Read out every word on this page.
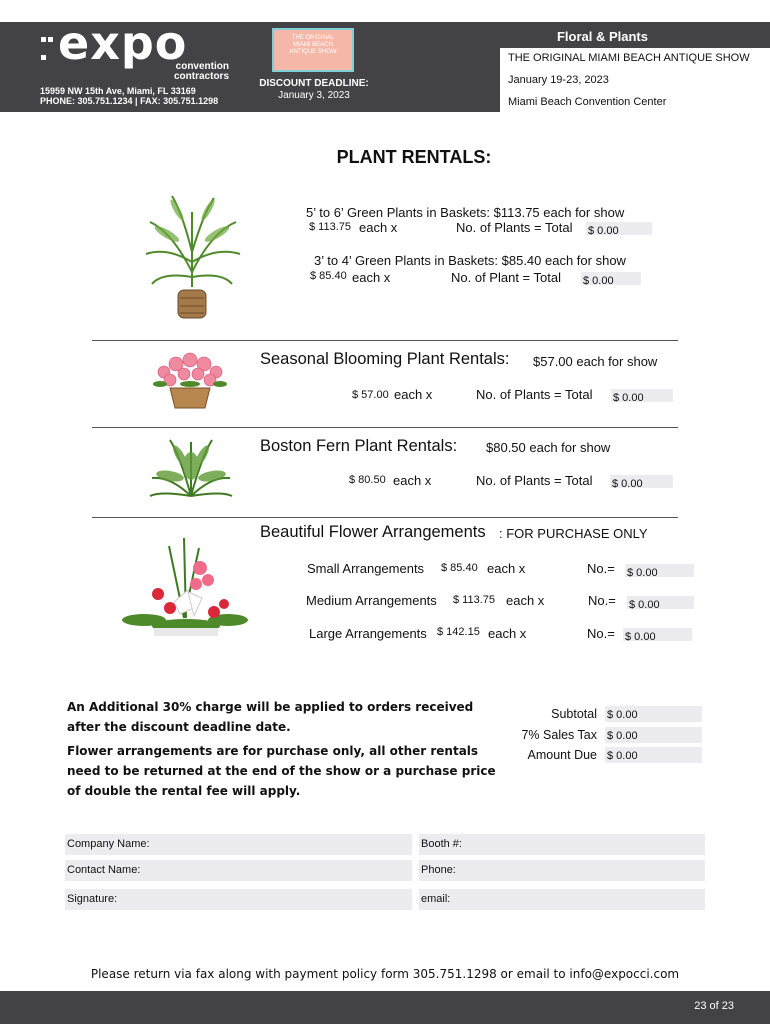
expo
convention
contractors
15959 NW 15th Ave, Miami, FL 33169
PHONE: 305.751.1234 | FAX: 305.751.1298
THE ORIGINAL
MIAMI BEACH
ANTIQUE SHOW
DISCOUNT DEADLINE:
January 3, 2023
Floral & Plants
THE ORIGINAL MIAMI BEACH ANTIQUE SHOW
January 19-23, 2023
Miami Beach Convention Center
PLANT RENTALS:
5’ to 6’ Green Plants in Baskets: $113.75 each for show
$ 113.75 each x	No. of Plants = Total $ 0.00
3’ to 4’ Green Plants in Baskets: $85.40 each for show
$ 85.40 each x	No. of Plant = Total $ 0.00
Seasonal Blooming Plant Rentals: $57.00 each for show
$ 57.00 each x	No. of Plants = Total $ 0.00
Boston Fern Plant Rentals: $80.50 each for show
$ 80.50 each x	No. of Plants = Total $ 0.00
Beautiful Flower Arrangements : FOR PURCHASE ONLY
Small Arrangements $ 85.40 each x	No.= $ 0.00
Medium Arrangements $ 113.75 each x	No.= $ 0.00
Large Arrangements $ 142.15 each x	No.= $ 0.00
An Additional 30% charge will be applied to orders received after the discount deadline date.
Flower arrangements are for purchase only, all other rentals need to be returned at the end of the show or a purchase price of double the rental fee will apply.
Subtotal $ 0.00
7% Sales Tax $ 0.00
Amount Due $ 0.00
Company Name:	Booth #:
Contact Name:	Phone:
Signature:	email:
Please return via fax along with payment policy form 305.751.1298 or email to info@expocci.com
23 of 23
